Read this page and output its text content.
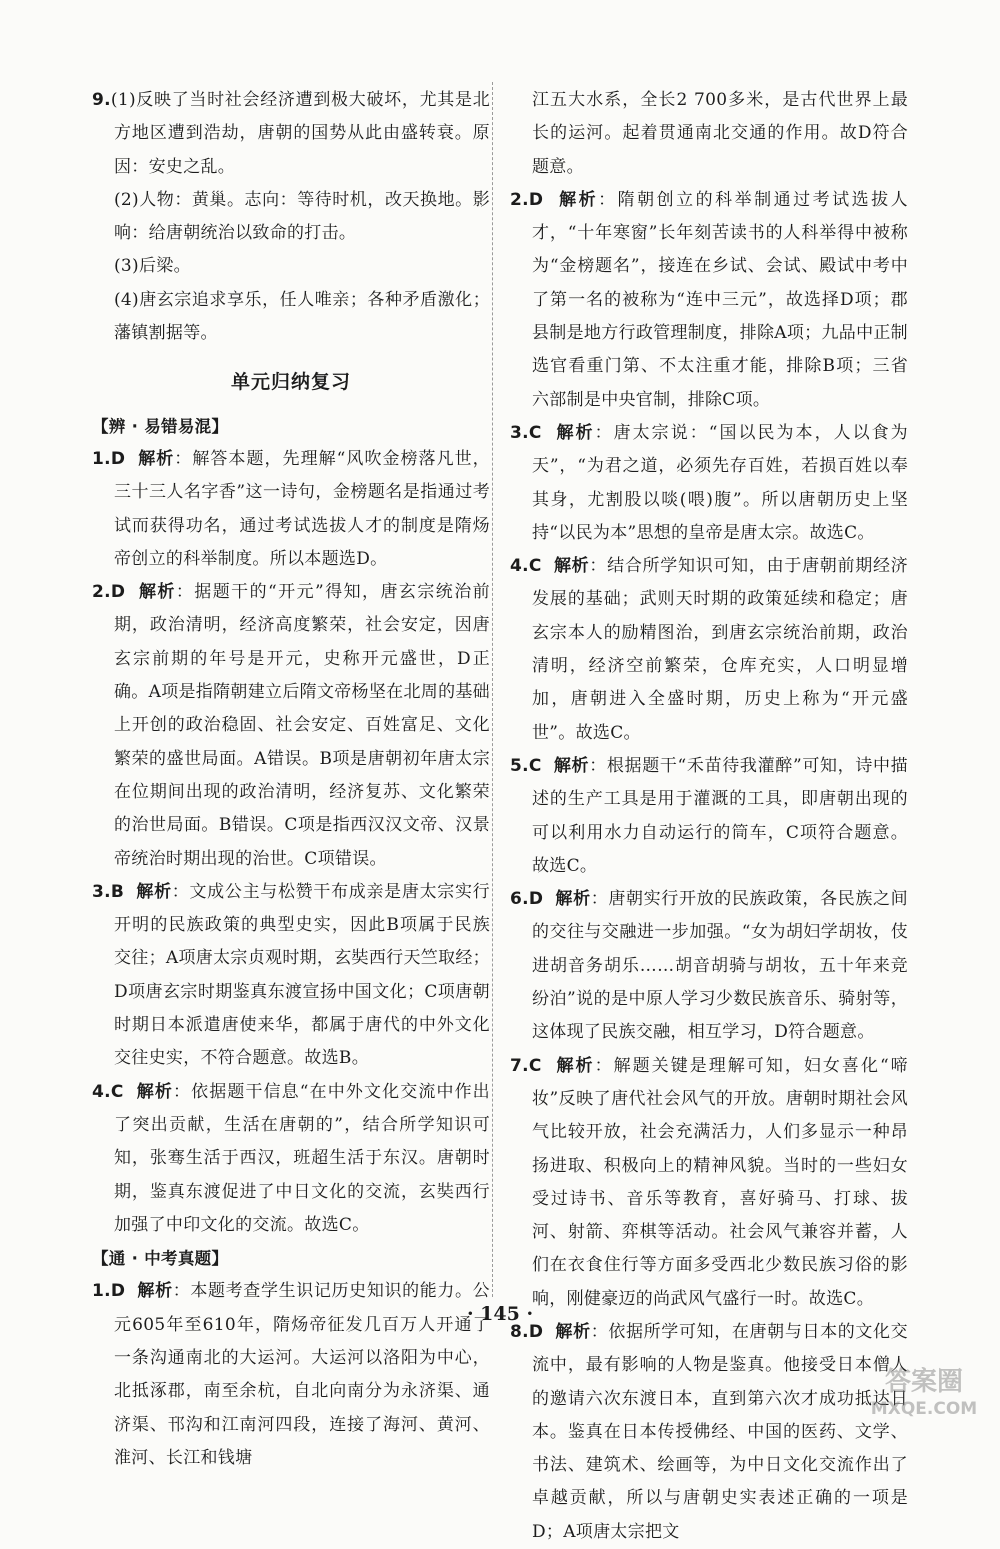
9.(1)反映了当时社会经济遭到极大破坏，尤其是北方地区遭到浩劫，唐朝的国势从此由盛转衰。原因：安史之乱。

(2)人物：黄巢。志向：等待时机，改天换地。影响：给唐朝统治以致命的打击。

(3)后梁。

(4)唐玄宗追求享乐，任人唯亲；各种矛盾激化；藩镇割据等。

单元归纳复习

【辨 · 易错易混】

1.D 解析：解答本题，先理解“风吹金榜落凡世，三十三人名字香”这一诗句，金榜题名是指通过考试而获得功名，通过考试选拔人才的制度是隋炀帝创立的科举制度。所以本题选D。

2.D 解析：据题干的“开元”得知，唐玄宗统治前期，政治清明，经济高度繁荣，社会安定，因唐玄宗前期的年号是开元，史称开元盛世，D正确。A项是指隋朝建立后隋文帝杨坚在北周的基础上开创的政治稳固、社会安定、百姓富足、文化繁荣的盛世局面。A错误。B项是唐朝初年唐太宗在位期间出现的政治清明，经济复苏、文化繁荣的治世局面。B错误。C项是指西汉汉文帝、汉景帝统治时期出现的治世。C项错误。

3.B 解析：文成公主与松赞干布成亲是唐太宗实行开明的民族政策的典型史实，因此B项属于民族交往；A项唐太宗贞观时期，玄奘西行天竺取经；D项唐玄宗时期鉴真东渡宣扬中国文化；C项唐朝时期日本派遣唐使来华，都属于唐代的中外文化交往史实，不符合题意。故选B。

4.C 解析：依据题干信息“在中外文化交流中作出了突出贡献，生活在唐朝的”，结合所学知识可知，张骞生活于西汉，班超生活于东汉。唐朝时期，鉴真东渡促进了中日文化的交流，玄奘西行加强了中印文化的交流。故选C。

【通 · 中考真题】

1.D 解析：本题考查学生识记历史知识的能力。公元605年至610年，隋炀帝征发几百万人开通了一条沟通南北的大运河。大运河以洛阳为中心，北抵涿郡，南至余杭，自北向南分为永济渠、通济渠、邗沟和江南河四段，连接了海河、黄河、淮河、长江和钱塘

江五大水系，全长2 700多米，是古代世界上最长的运河。起着贯通南北交通的作用。故D符合题意。

2.D 解析：隋朝创立的科举制通过考试选拔人才，“十年寒窗”长年刻苦读书的人科举得中被称为“金榜题名”，接连在乡试、会试、殿试中考中了第一名的被称为“连中三元”，故选择D项；郡县制是地方行政管理制度，排除A项；九品中正制选官看重门第、不太注重才能，排除B项；三省六部制是中央官制，排除C项。

3.C 解析：唐太宗说：“国以民为本，人以食为天”，“为君之道，必须先存百姓，若损百姓以奉其身，尤割股以啖(喂)腹”。所以唐朝历史上坚持“以民为本”思想的皇帝是唐太宗。故选C。

4.C 解析：结合所学知识可知，由于唐朝前期经济发展的基础；武则天时期的政策延续和稳定；唐玄宗本人的励精图治，到唐玄宗统治前期，政治清明，经济空前繁荣，仓库充实，人口明显增加，唐朝进入全盛时期，历史上称为“开元盛世”。故选C。

5.C 解析：根据题干“禾苗待我灌醉”可知，诗中描述的生产工具是用于灌溉的工具，即唐朝出现的可以利用水力自动运行的筒车，C项符合题意。故选C。

6.D 解析：唐朝实行开放的民族政策，各民族之间的交往与交融进一步加强。“女为胡妇学胡妆，伎进胡音务胡乐……胡音胡骑与胡妆，五十年来竞纷泊”说的是中原人学习少数民族音乐、骑射等，这体现了民族交融，相互学习，D符合题意。

7.C 解析：解题关键是理解可知，妇女喜化“啼妆”反映了唐代社会风气的开放。唐朝时期社会风气比较开放，社会充满活力，人们多显示一种昂扬进取、积极向上的精神风貌。当时的一些妇女受过诗书、音乐等教育，喜好骑马、打球、拔河、射箭、弈棋等活动。社会风气兼容并蓄，人们在衣食住行等方面多受西北少数民族习俗的影响，刚健豪迈的尚武风气盛行一时。故选C。

8.D 解析：依据所学可知，在唐朝与日本的文化交流中，最有影响的人物是鉴真。他接受日本僧人的邀请六次东渡日本，直到第六次才成功抵达日本。鉴真在日本传授佛经、中国的医药、文学、书法、建筑术、绘画等，为中日文化交流作出了卓越贡献，所以与唐朝史实表述正确的一项是D；A项唐太宗把文

· 145 ·
答案圈
MXQE.COM
